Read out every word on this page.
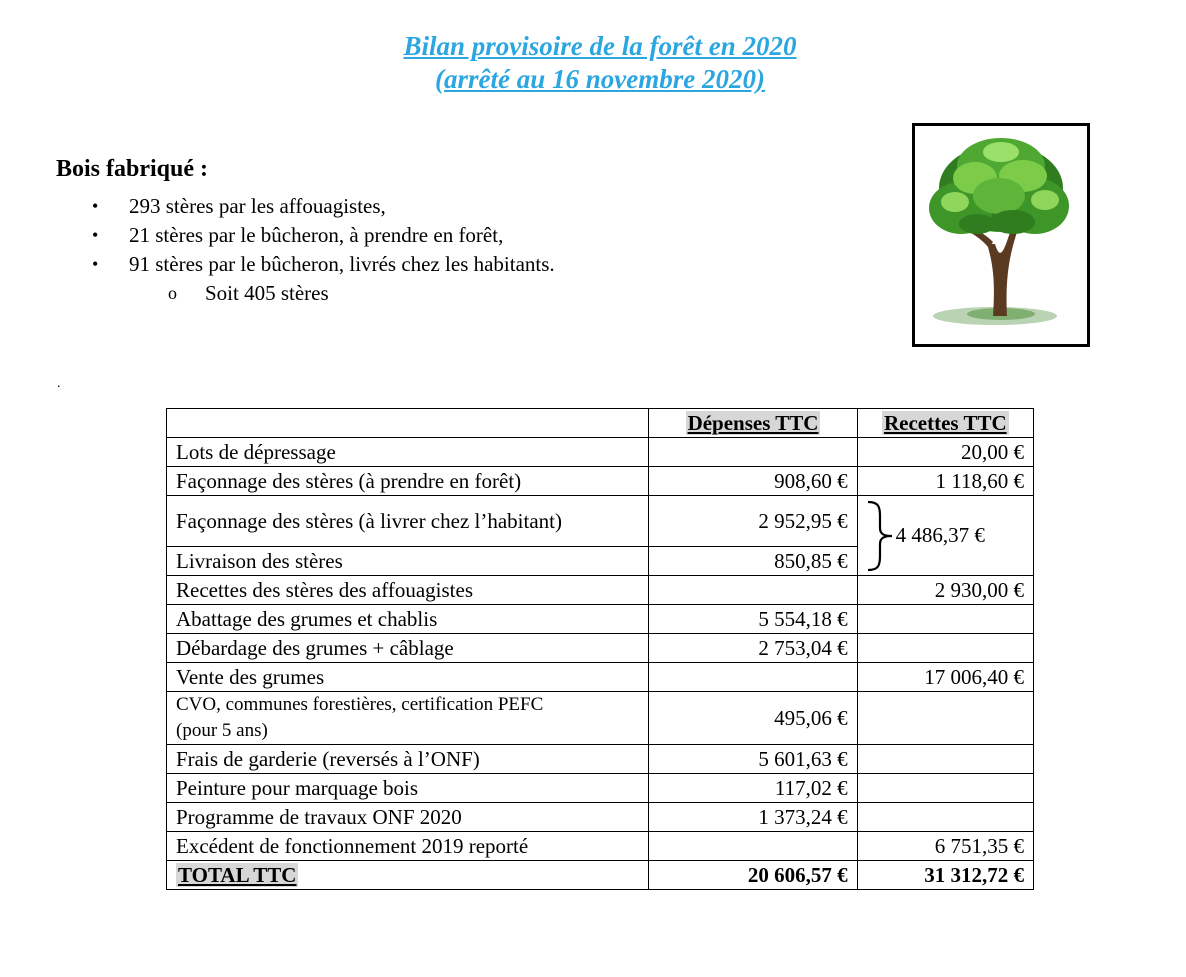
Bilan provisoire de la forêt en 2020
(arrêté au 16 novembre 2020)
Bois fabriqué :
• 293 stères par les affouagistes,
• 21 stères par le bûcheron, à prendre en forêt,
• 91 stères par le bûcheron, livrés chez les habitants.
o Soit 405 stères
.
	Dépenses TTC	Recettes TTC
Lots de dépressage		20,00 €
Façonnage des stères (à prendre en forêt)	908,60 €	1 118,60 €
Façonnage des stères (à livrer chez l’habitant)	2 952,95 €	4 486,37 €

Livraison des stères	850,85 €	
Recettes des stères des affouagistes		2 930,00 €
Abattage des grumes et chablis	5 554,18 €	
Débardage des grumes + câblage	2 753,04 €	
Vente des grumes		17 006,40 €

CVO, communes forestières, certification PEFC
(pour 5 ans)	495,06 €	
Frais de garderie (reversés à l’ONF)	5 601,63 €	
Peinture pour marquage bois	117,02 €	
Programme de travaux ONF 2020	1 373,24 €	
Excédent de fonctionnement 2019 reporté		6 751,35 €
TOTAL TTC	20 606,57 €	31 312,72 €
